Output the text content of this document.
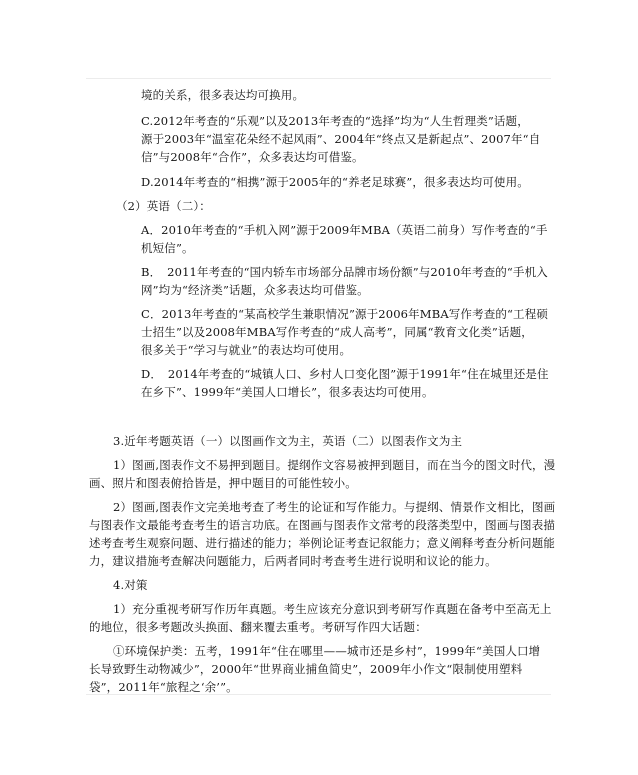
境的关系，很多表达均可换用。
C.2012年考查的“乐观”以及2013年考查的“选择”均为“人生哲理类”话题，
源于2003年“温室花朵经不起风雨”、2004年“终点又是新起点”、2007年“自
信”与2008年“合作”，众多表达均可借鉴。
D.2014年考查的“相携”源于2005年的“养老足球赛”，很多表达均可使用。
（2）英语（二）：
A．2010年考查的“手机入网”源于2009年MBA（英语二前身）写作考查的“手
机短信”。
B．　2011年考查的“国内轿车市场部分品牌市场份额”与2010年考查的“手机入
网”均为“经济类”话题，众多表达均可借鉴。
C．2013年考查的“某高校学生兼职情况”源于2006年MBA写作考查的“工程硕
士招生”以及2008年MBA写作考查的“成人高考”，同属“教育文化类”话题，
很多关于“学习与就业”的表达均可使用。
D．　2014年考查的“城镇人口、乡村人口变化图”源于1991年“住在城里还是住
在乡下”、1999年“美国人口增长”，很多表达均可使用。
3.近年考题英语（一）以图画作文为主，英语（二）以图表作文为主
1）图画,图表作文不易押到题目。提纲作文容易被押到题目，而在当今的图文时代，漫
画、照片和图表俯拾皆是，押中题目的可能性较小。
2）图画,图表作文完美地考查了考生的论证和写作能力。与提纲、情景作文相比，图画
与图表作文最能考查考生的语言功底。在图画与图表作文常考的段落类型中，图画与图表描
述考查考生观察问题、进行描述的能力；举例论证考查记叙能力；意义阐释考查分析问题能
力，建议措施考查解决问题能力，后两者同时考查考生进行说明和议论的能力。
4.对策
1）充分重视考研写作历年真题。考生应该充分意识到考研写作真题在备考中至高无上
的地位，很多考题改头换面、翻来覆去重考。考研写作四大话题：
①环境保护类：五考，1991年“住在哪里——城市还是乡村”，1999年“美国人口增
长导致野生动物减少”，2000年“世界商业捕鱼简史”，2009年小作文“限制使用塑料
袋”，2011年“旅程之‘余’”。
